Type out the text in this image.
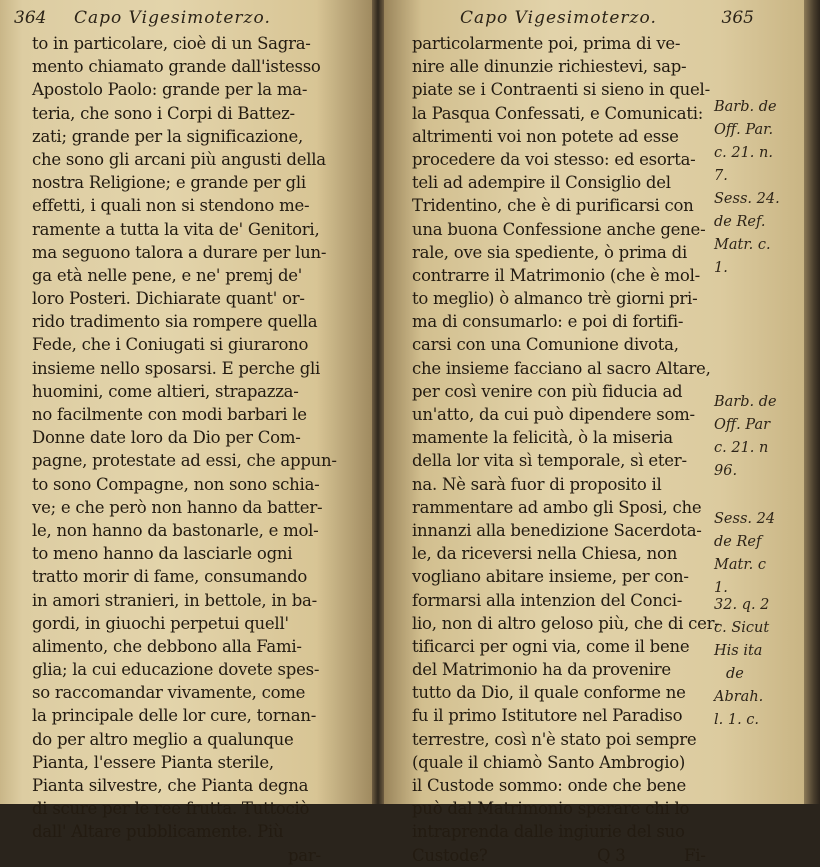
364 Capo Vigesimoterzo.
to in particolare, cioè di un Sagra-
mento chiamato grande dall'istesso
Apostolo Paolo: grande per la ma-
teria, che sono i Corpi di Battez-
zati; grande per la significazione,
che sono gli arcani più angusti della
nostra Religione; e grande per gli
effetti, i quali non si stendono me-
ramente a tutta la vita de' Genitori,
ma seguono talora a durare per lun-
ga età nelle pene, e ne' premj de'
loro Posteri. Dichiarate quant' or-
rido tradimento sia rompere quella
Fede, che i Coniugati si giurarono
insieme nello sposarsi. E perche gli
huomini, come altieri, strapazza-
no facilmente con modi barbari le
Donne date loro da Dio per Com-
pagne, protestate ad essi, che appun-
to sono Compagne, non sono schia-
ve; e che però non hanno da batter-
le, non hanno da bastonarle, e mol-
to meno hanno da lasciarle ogni
tratto morir di fame, consumando
in amori stranieri, in bettole, in ba-
gordi, in giuochi perpetui quell'
alimento, che debbono alla Fami-
glia; la cui educazione dovete spes-
so raccomandar vivamente, come
la principale delle lor cure, tornan-
do per altro meglio a qualunque
Pianta, l'essere Pianta sterile,
Pianta silvestre, che Pianta degna
di scure per le ree frutta. Tuttociò
dall' Altare pubblicamente. Più
par-
Capo Vigesimoterzo.	365
particolarmente poi, prima di ve-
nire alle dinunzie richiestevi, sap-
piate se i Contraenti si sieno in quel-
la Pasqua Confessati, e Comunicati:
altrimenti voi non potete ad esse
procedere da voi stesso: ed esorta-
teli ad adempire il Consiglio del
Tridentino, che è di purificarsi con
una buona Confessione anche gene-
rale, ove sia spediente, ò prima di
contrarre il Matrimonio (che è mol-
to meglio) ò almanco trè giorni pri-
ma di consumarlo: e poi di fortifi-
carsi con una Comunione divota,
che insieme facciano al sacro Altare,
per così venire con più fiducia ad
un'atto, da cui può dipendere som-
mamente la felicità, ò la miseria
della lor vita sì temporale, sì eter-
na. Nè sarà fuor di proposito il
rammentare ad ambo gli Sposi, che
innanzi alla benedizione Sacerdota-
le, da riceversi nella Chiesa, non
vogliano abitare insieme, per con-
formarsi alla intenzion del Conci-
lio, non di altro geloso più, che di cer-
tificarci per ogni via, come il bene
del Matrimonio ha da provenire
tutto da Dio, il quale conforme ne
fu il primo Istitutore nel Paradiso
terrestre, così n'è stato poi sempre
(quale il chiamò Santo Ambrogio)
il Custode sommo: onde che bene
può dal Matrimonio sperare chi lo
intraprenda dalle ingiurie del suo
Custode?	Q 3	Fi-
Barb. de
Off. Par.
c. 21. n.
7.
Sess. 24.
de Ref.
Matr. c.
1.
Barb. de
Off. Par
c. 21. n
96.
Sess. 24
de Ref
Matr. c
1.
32. q. 2
c. Sicut
His ita
de
Abrah.
l. 1. c.
